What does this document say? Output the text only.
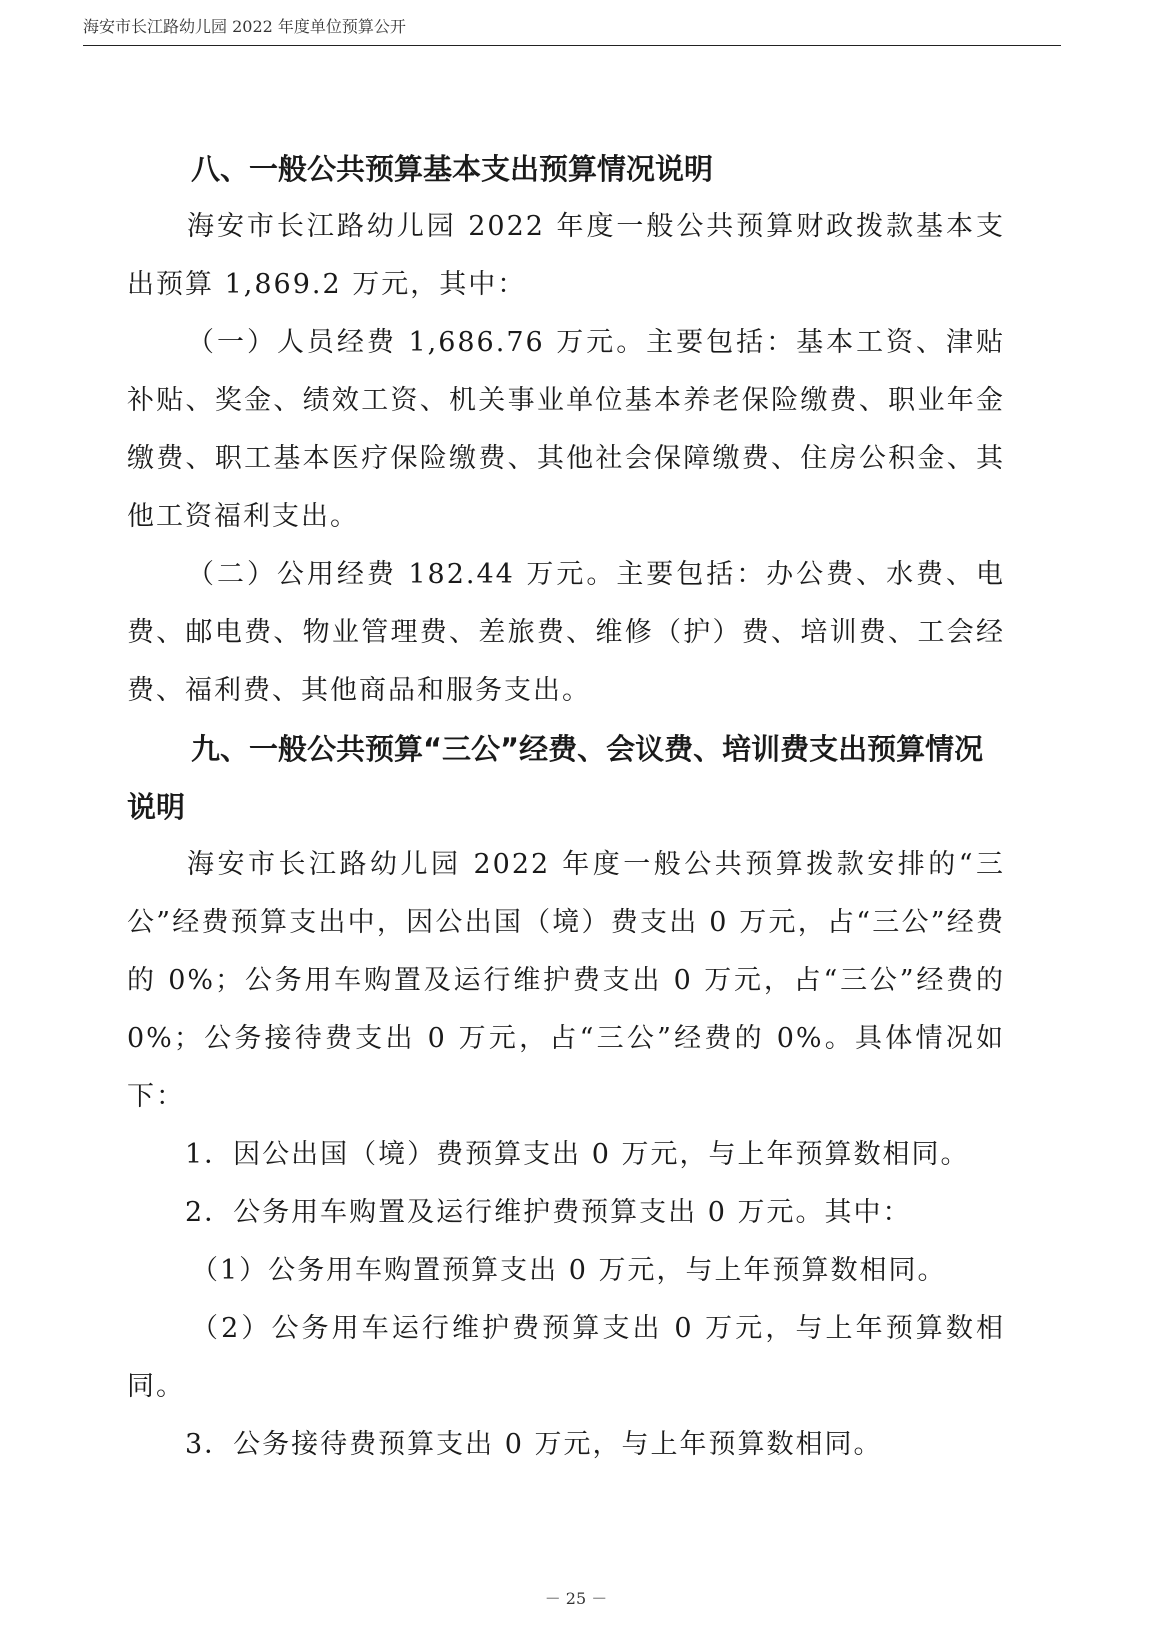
海安市长江路幼儿园 2022 年度单位预算公开

八、一般公共预算基本支出预算情况说明

海安市长江路幼儿园 2022 年度一般公共预算财政拨款基本支出预算 1,869.2 万元，其中：

（一）人员经费 1,686.76 万元。主要包括：基本工资、津贴补贴、奖金、绩效工资、机关事业单位基本养老保险缴费、职业年金缴费、职工基本医疗保险缴费、其他社会保障缴费、住房公积金、其他工资福利支出。

（二）公用经费 182.44 万元。主要包括：办公费、水费、电费、邮电费、物业管理费、差旅费、维修（护）费、培训费、工会经费、福利费、其他商品和服务支出。

九、一般公共预算“三公”经费、会议费、培训费支出预算情况说明

海安市长江路幼儿园 2022 年度一般公共预算拨款安排的“三公”经费预算支出中，因公出国（境）费支出 0 万元，占“三公”经费的 0%；公务用车购置及运行维护费支出 0 万元，占“三公”经费的 0%；公务接待费支出 0 万元，占“三公”经费的 0%。具体情况如下：

1．因公出国（境）费预算支出 0 万元，与上年预算数相同。

2．公务用车购置及运行维护费预算支出 0 万元。其中：

（1）公务用车购置预算支出 0 万元，与上年预算数相同。

（2）公务用车运行维护费预算支出 0 万元，与上年预算数相同。

3．公务接待费预算支出 0 万元，与上年预算数相同。

－ 25 －
